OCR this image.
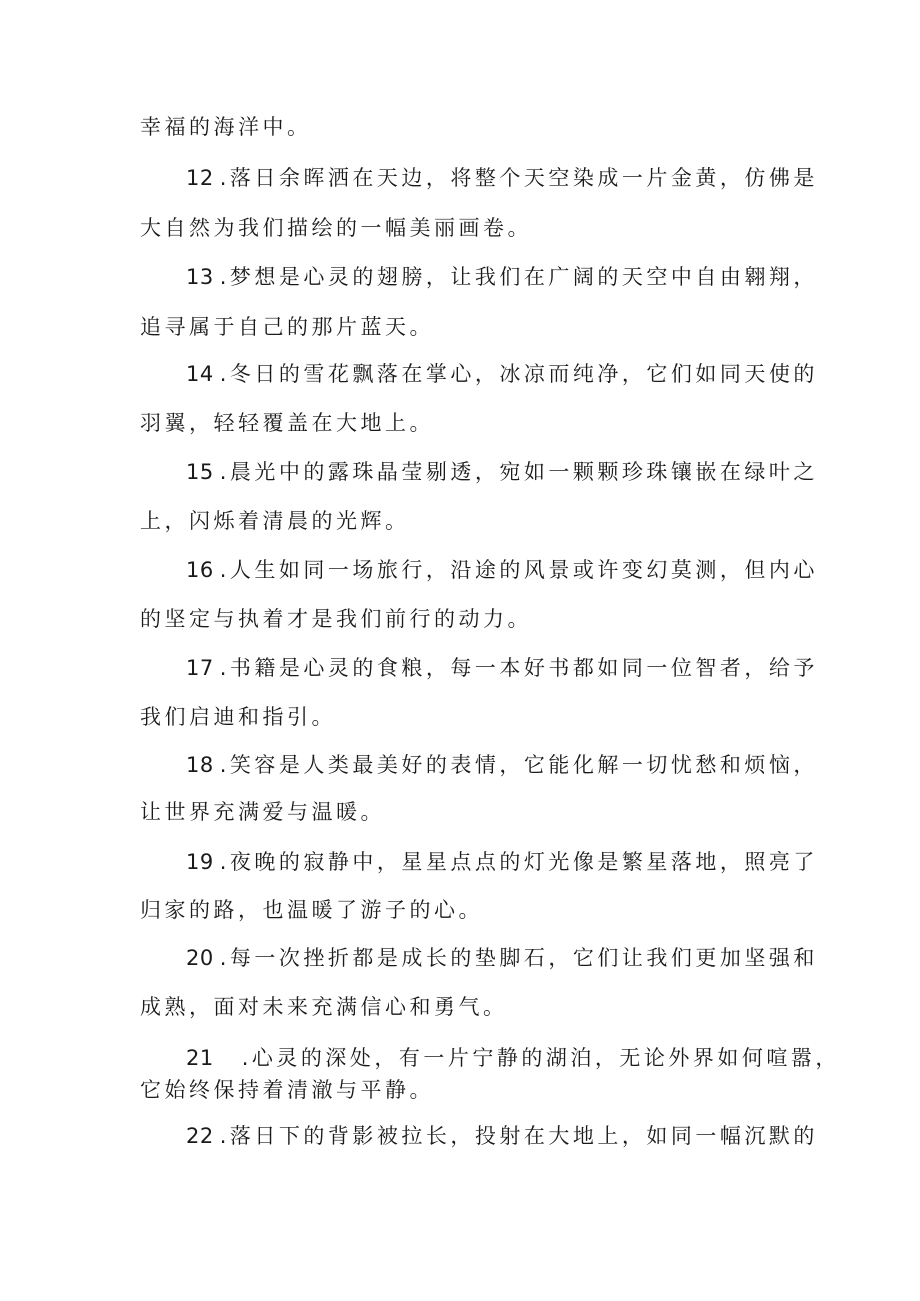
幸福的海洋中。
12 .落日余晖洒在天边，将整个天空染成一片金黄，仿佛是
大自然为我们描绘的一幅美丽画卷。
13 .梦想是心灵的翅膀，让我们在广阔的天空中自由翱翔，
追寻属于自己的那片蓝天。
14 .冬日的雪花飘落在掌心，冰凉而纯净，它们如同天使的
羽翼，轻轻覆盖在大地上。
15 .晨光中的露珠晶莹剔透，宛如一颗颗珍珠镶嵌在绿叶之
上，闪烁着清晨的光辉。
16 .人生如同一场旅行，沿途的风景或许变幻莫测，但内心
的坚定与执着才是我们前行的动力。
17 .书籍是心灵的食粮，每一本好书都如同一位智者，给予
我们启迪和指引。
18 .笑容是人类最美好的表情，它能化解一切忧愁和烦恼，
让世界充满爱与温暖。
19 .夜晚的寂静中，星星点点的灯光像是繁星落地，照亮了
归家的路，也温暖了游子的心。
20 .每一次挫折都是成长的垫脚石，它们让我们更加坚强和
成熟，面对未来充满信心和勇气。
21 .心灵的深处，有一片宁静的湖泊，无论外界如何喧嚣，
它始终保持着清澈与平静。
22 .落日下的背影被拉长，投射在大地上，如同一幅沉默的
